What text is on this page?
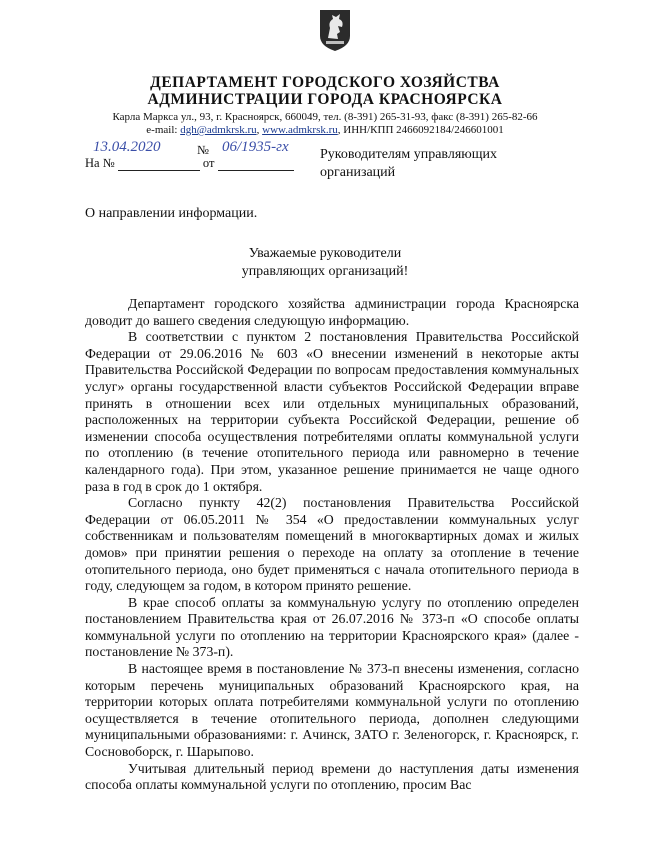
ДЕПАРТАМЕНТ ГОРОДСКОГО ХОЗЯЙСТВА
АДМИНИСТРАЦИИ ГОРОДА КРАСНОЯРСКА
Карла Маркса ул., 93, г. Красноярск, 660049, тел. (8-391) 265-31-93, факс (8-391) 265-82-66
e-mail: dgh@admkrsk.ru, www.admkrsk.ru, ИНН/КПП 2466092184/246601001
13.04.2020	06/1935-гх
№
На №	от
Руководителям управляющих
организаций
О направлении информации.
Уважаемые руководители
управляющих организаций!

Департамент городского хозяйства администрации города Красноярска доводит до вашего сведения следующую информацию.

В соответствии с пунктом 2 постановления Правительства Российской Федерации от 29.06.2016 № 603 «О внесении изменений в некоторые акты Правительства Российской Федерации по вопросам предоставления коммунальных услуг» органы государственной власти субъектов Российской Федерации вправе принять в отношении всех или отдельных муниципальных образований, расположенных на территории субъекта Российской Федерации, решение об изменении способа осуществления потребителями оплаты коммунальной услуги по отоплению (в течение отопительного периода или равномерно в течение календарного года). При этом, указанное решение принимается не чаще одного раза в год в срок до 1 октября.

Согласно пункту 42(2) постановления Правительства Российской Федерации от 06.05.2011 № 354 «О предоставлении коммунальных услуг собственникам и пользователям помещений в многоквартирных домах и жилых домов» при принятии решения о переходе на оплату за отопление в течение отопительного периода, оно будет применяться с начала отопительного периода в году, следующем за годом, в котором принято решение.

В крае способ оплаты за коммунальную услугу по отоплению определен постановлением Правительства края от 26.07.2016 № 373-п «О способе оплаты коммунальной услуги по отоплению на территории Красноярского края» (далее - постановление № 373-п).

В настоящее время в постановление № 373-п внесены изменения, согласно которым перечень муниципальных образований Красноярского края, на территории которых оплата потребителями коммунальной услуги по отоплению осуществляется в течение отопительного периода, дополнен следующими муниципальными образованиями: г. Ачинск, ЗАТО г. Зеленогорск, г. Красноярск, г. Сосновоборск, г. Шарыпово.

Учитывая длительный период времени до наступления даты изменения способа оплаты коммунальной услуги по отоплению, просим Вас
